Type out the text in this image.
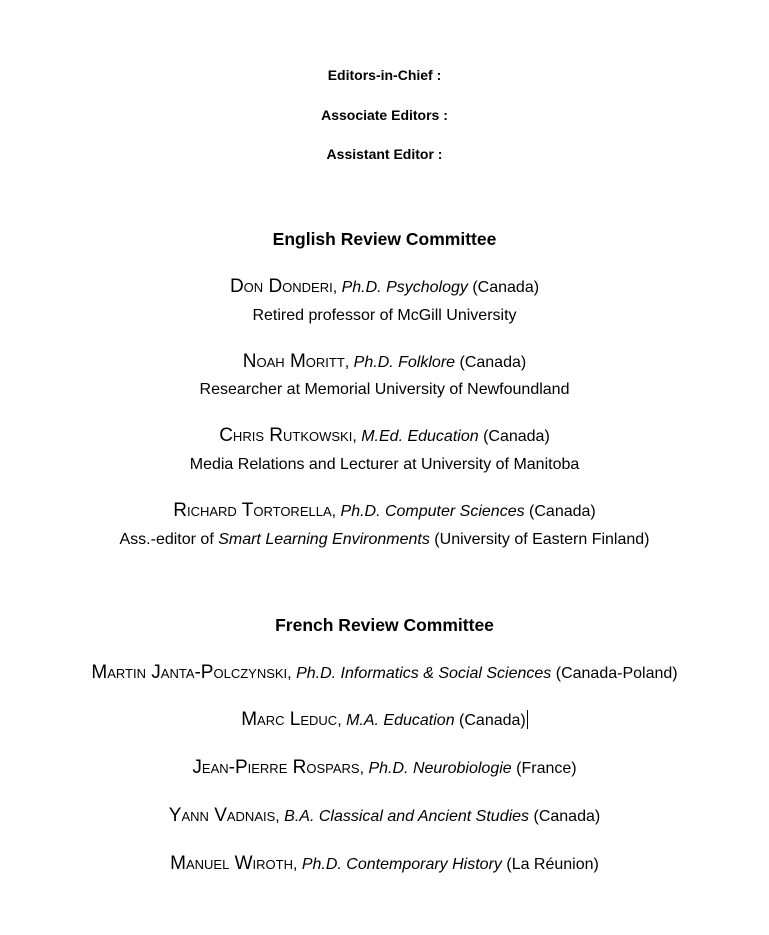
Editors-in-Chief :
Associate Editors :
Assistant Editor :
English Review Committee
Don Donderi, Ph.D. Psychology (Canada)
Retired professor of McGill University
Noah Moritt, Ph.D. Folklore (Canada)
Researcher at Memorial University of Newfoundland
Chris Rutkowski, M.Ed. Education (Canada)
Media Relations and Lecturer at University of Manitoba
Richard Tortorella, Ph.D. Computer Sciences (Canada)
Ass.-editor of Smart Learning Environments (University of Eastern Finland)
French Review Committee
Martin Janta-Polczynski, Ph.D. Informatics & Social Sciences (Canada-Poland)
Marc Leduc, M.A. Education (Canada)
Jean-Pierre Rospars, Ph.D. Neurobiologie (France)
Yann Vadnais, B.A. Classical and Ancient Studies (Canada)
Manuel Wiroth, Ph.D. Contemporary History (La Réunion)
